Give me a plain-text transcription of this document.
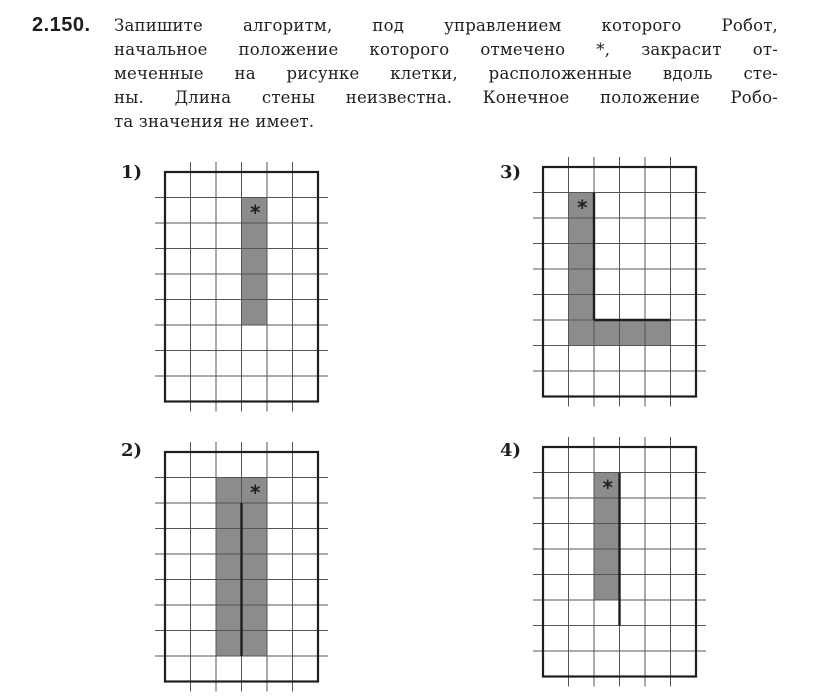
2.150. Запишите алгоритм, под управлением которого Робот,
начальное положение которого отмечено *, закрасит от-
меченные на рисунке клетки, расположенные вдоль сте-
ны. Длина стены неизвестна. Конечное положение Робо-
та значения не имеет.
1)
*
2)
*
3)
*
4)
*
